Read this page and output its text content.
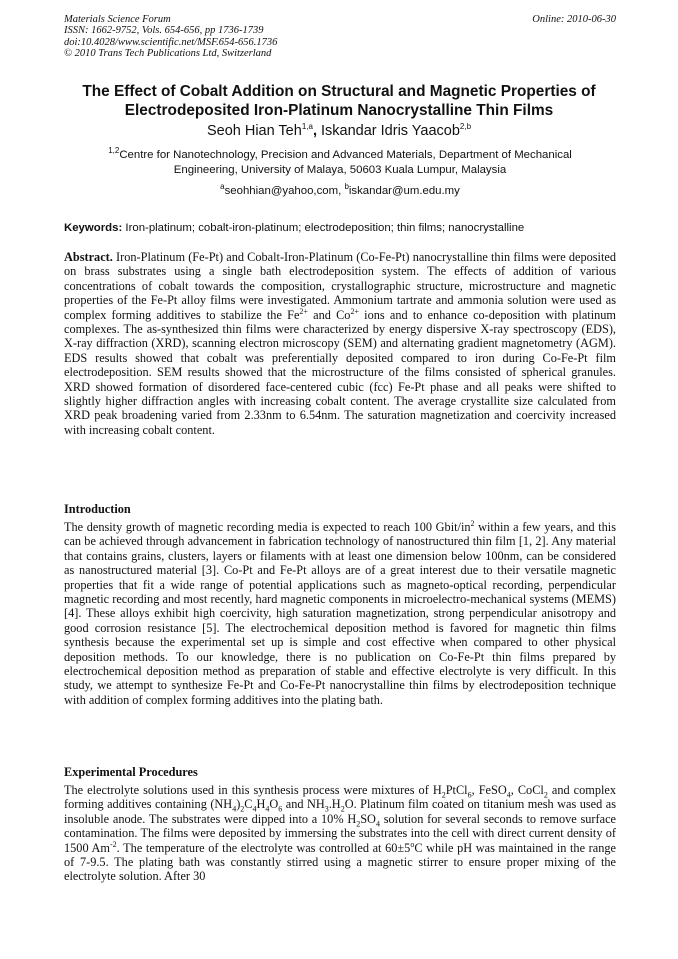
Materials Science Forum
ISSN: 1662-9752, Vols. 654-656, pp 1736-1739
doi:10.4028/www.scientific.net/MSF.654-656.1736
© 2010 Trans Tech Publications Ltd, Switzerland
Online: 2010-06-30
The Effect of Cobalt Addition on Structural and Magnetic Properties of
Electrodeposited Iron-Platinum Nanocrystalline Thin Films
Seoh Hian Teh$^{1,a}$, Iskandar Idris Yaacob$^{2,b}$
$^{1,2}$Centre for Nanotechnology, Precision and Advanced Materials, Department of Mechanical
Engineering, University of Malaya, 50603 Kuala Lumpur, Malaysia
$^a$seohhian@yahoo,com, $^b$iskandar@um.edu.my
Keywords: Iron-platinum; cobalt-iron-platinum; electrodeposition; thin films; nanocrystalline
Abstract. Iron-Platinum (Fe-Pt) and Cobalt-Iron-Platinum (Co-Fe-Pt) nanocrystalline thin films were deposited on brass substrates using a single bath electrodeposition system. The effects of addition of various concentrations of cobalt towards the composition, crystallographic structure, microstructure and magnetic properties of the Fe-Pt alloy films were investigated. Ammonium tartrate and ammonia solution were used as complex forming additives to stabilize the $Fe^{2+}$ and $Co^{2+}$ ions and to enhance co-deposition with platinum complexes. The as-synthesized thin films were characterized by energy dispersive X-ray spectroscopy (EDS), X-ray diffraction (XRD), scanning electron microscopy (SEM) and alternating gradient magnetometry (AGM). EDS results showed that cobalt was preferentially deposited compared to iron during Co-Fe-Pt film electrodeposition. SEM results showed that the microstructure of the films consisted of spherical granules. XRD showed formation of disordered face-centered cubic (fcc) Fe-Pt phase and all peaks were shifted to slightly higher diffraction angles with increasing cobalt content. The average crystallite size calculated from XRD peak broadening varied from 2.33nm to 6.54nm. The saturation magnetization and coercivity increased with increasing cobalt content.
Introduction
The density growth of magnetic recording media is expected to reach 100 Gbit/$in^2$ within a few years, and this can be achieved through advancement in fabrication technology of nanostructured thin film [1, 2]. Any material that contains grains, clusters, layers or filaments with at least one dimension below 100nm, can be considered as nanostructured material [3]. Co-Pt and Fe-Pt alloys are of a great interest due to their versatile magnetic properties that fit a wide range of potential applications such as magneto-optical recording, perpendicular magnetic recording and most recently, hard magnetic components in microelectro-mechanical systems (MEMS) [4]. These alloys exhibit high coercivity, high saturation magnetization, strong perpendicular anisotropy and good corrosion resistance [5]. The electrochemical deposition method is favored for magnetic thin films synthesis because the experimental set up is simple and cost effective when compared to other physical deposition methods. To our knowledge, there is no publication on Co-Fe-Pt thin films prepared by electrochemical deposition method as preparation of stable and effective electrolyte is very difficult. In this study, we attempt to synthesize Fe-Pt and Co-Fe-Pt nanocrystalline thin films by electrodeposition technique with addition of complex forming additives into the plating bath.
Experimental Procedures
The electrolyte solutions used in this synthesis process were mixtures of $H_2PtCl_6$, FeSO$_4$, CoCl$_2$ and complex forming additives containing $(NH_4)_2C_4H_4O_6$ and $NH_3.H_2O$. Platinum film coated on titanium mesh was used as insoluble anode. The substrates were dipped into a 10% $H_2SO_4$ solution for several seconds to remove surface contamination. The films were deposited by immersing the substrates into the cell with direct current density of 1500 $Am^{-2}$. The temperature of the electrolyte was controlled at $60\pm 5^oC$ while pH was maintained in the range of 7-9.5. The plating bath was constantly stirred using a magnetic stirrer to ensure proper mixing of the electrolyte solution. After 30
